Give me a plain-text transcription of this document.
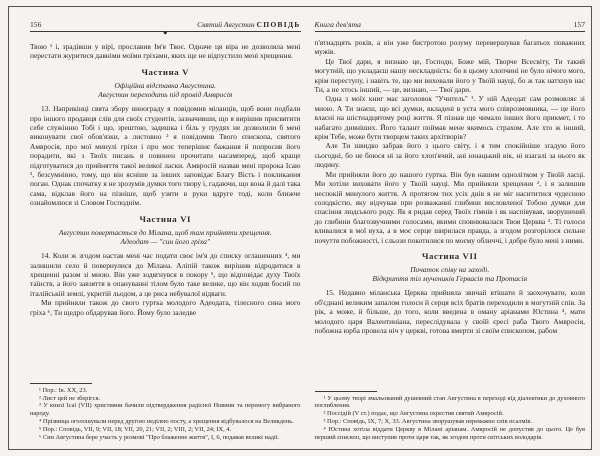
156	Святий Августин СПОВІДЬ
◆

Твою ¹ і, зрадівши у вірі, прославив Ім'я Твоє. Одначе ця віра не дозволяла мені перестати журитися давніми моїми гріхами, яких ще не відпустило мені хрещення.

Частина V

Офіційна відставка Августина.

Августин переходить під провід Амвросія

13. Наприкінці свята збору винограду я повідомив міланців, щоб вони подбали про іншого продавця слів для своїх студентів, зазначивши, що я вирішив присвятити себе служінню Тобі і що, зрештою, задишка і біль у грудях не дозволили б мені виконувати свої обов'язки, а листовно ² я повідомив Твого єпископа, святого Амвросія, про мої минулі гріхи і про моє теперішнє бажання й попросив його порадити, які з Твоїх писань я повинен прочитати насамперед, щоб краще підготуватися до прийняття такої великої ласки. Амвросій назвав мені пророка Ісаю ³, безсумнівно, тому, що він ясніше за інших заповідає Благу Вість і покликання поган. Однак спочатку я не зрозумів думки того твору і, гадаючи, що вона й далі така сама, відклав його на пізніше, щоб узяти в руки вдруге тоді, коли ближче ознайомлюся зі Словом Господнім.

Частина VI

Августин повертається до Мілана, щоб там прийняти хрещення.

Адеодат — "син його гріха"

14. Коли ж згодом настав мені час подати своє ім'я до списку оглашенних ⁴, ми залишили село й повернулися до Мілана. Аліпій також вирішив відродитися в хрещенні разом зі мною. Він уже зодягнувся в покору ⁵, що відповідає духу Твоїх таїнств, а його завзяття в опануванні тілом було таке велике, що він ходив босий по італійській землі, укритій льодом, а це риса небувалої відваги.

Ми прийняли також до свого гуртка молодого Адеодата, тілесного сина мого гріха ⁶, Ти щедро обдарував його. Йому було заледве

¹ Пор.: Ів. XX, 23.
² Лист цей не зберігся.
³ У книзі Ісаї (VII) християни бачили підтвердження радісної Новини та перемогу вибраного народу.
⁴ Прізвища оголошували перед другою неділею посту, а хрещення відбувалося на Великдень.
⁵ Пор.: Сповідь, VII, 9; VII, 18; VII, 20, 21; VII, 2; VIII, 2; VII, 24; IX, 4.
⁶ Син Августина бере участь у розмові "Про блаженне життя", І, 6, подавав великі надії.
Книга дев'ята	157

п'ятнадцять років, а він уже бистротою розуму перевершував багатьох поважних мужів.

Це Твої дари, я визнаю це, Господи, Боже мій, Творче Всесвіту, Ти такий могутній, що укладаєш нашу нескладність: бо в цьому хлопчині не було нічого мого, крім переступу, і навіть те, що ми виховали його у Твоїй науці, бо ж так натхнув нас Ти, а не хтось інший, — це, визнаю, — Твої дари.

Одна з моїх книг має заголовок "Учитель" ¹. У ній Адеодат сам розмовляє зі мною. А Ти знаєш, що всі думки, вкладені в уста мого співрозмовника, — це його власні на шістнадцятому році життя. Я пізнав ще чимало інших його прикмет, і то набагато дивніших. Його талант поймав мене якимось страхом. Але хто ж інший, крім Тебе, може бути творцем таких архітворів?

Але Ти швидко забрав його з цього світу, і я тим спокійніше згадую його сьогодні, бо не боюся ні за його хлоп'ячий, ані юнацький вік, ні взагалі за нього як людину.

Ми прийняли його до нашого гуртка. Він був нашим однолітком у Твоїй ласці. Ми хотіли виховати його у Твоїй науці. Ми прийняли хрещення ², і я залишив неспокій минулого життя. А протягом тих усіх днів я не міг насититися чудесною солодкістю, яку відчував при розважанні глибини висловленої Тобою думки для спасіння людського роду. Як я ридав серед Твоїх гімнів і як наспівував, зворушений до глибини благозвучними голосами, якими сповнювалася Твоя Церква ³. Ті голоси вливалися в мої вуха, а в моє серце ширилася правда, а згодом розгорілося сильне почуття побожності, і сльози покотилися по моєму обличчі, і добре було мені з ними.

Частина VII

Початок співу на заході.

Відкриття тіл мучеників Гервасія та Протасія

15. Недавно міланська Церква прийняла звичай втішати й заохочувати, коли об'єднані великим запалом голоси й серця всіх братів переходили в могутній спів. За рік, а може, й більше, до того, коли введена в оману аріанами Юстина ⁴, мати молодого царя Валентиніана, переслідувала у своїй єресі раба Твого Амвросія, побожна юрба провела ніч у церкві, готова вмерти зі своїм єпископом, рабом

¹ У цьому творі змальований душевний стан Августина в переході від діалектики до духовного поглиблення.
² Поссідій (V ст.) подає, що Августина охрестив святий Амвросій.
³ Пор.: Сповідь, IX, 7; X, 33. Августина зворушував переважно спів псалмів.
⁴ Юстина хотіла віддати Церкву в Мілані аріанам. Амвросій не допустив до цього. Це був перший єпископ, що виступив проти царя так, як згодом проти світських володарів.
